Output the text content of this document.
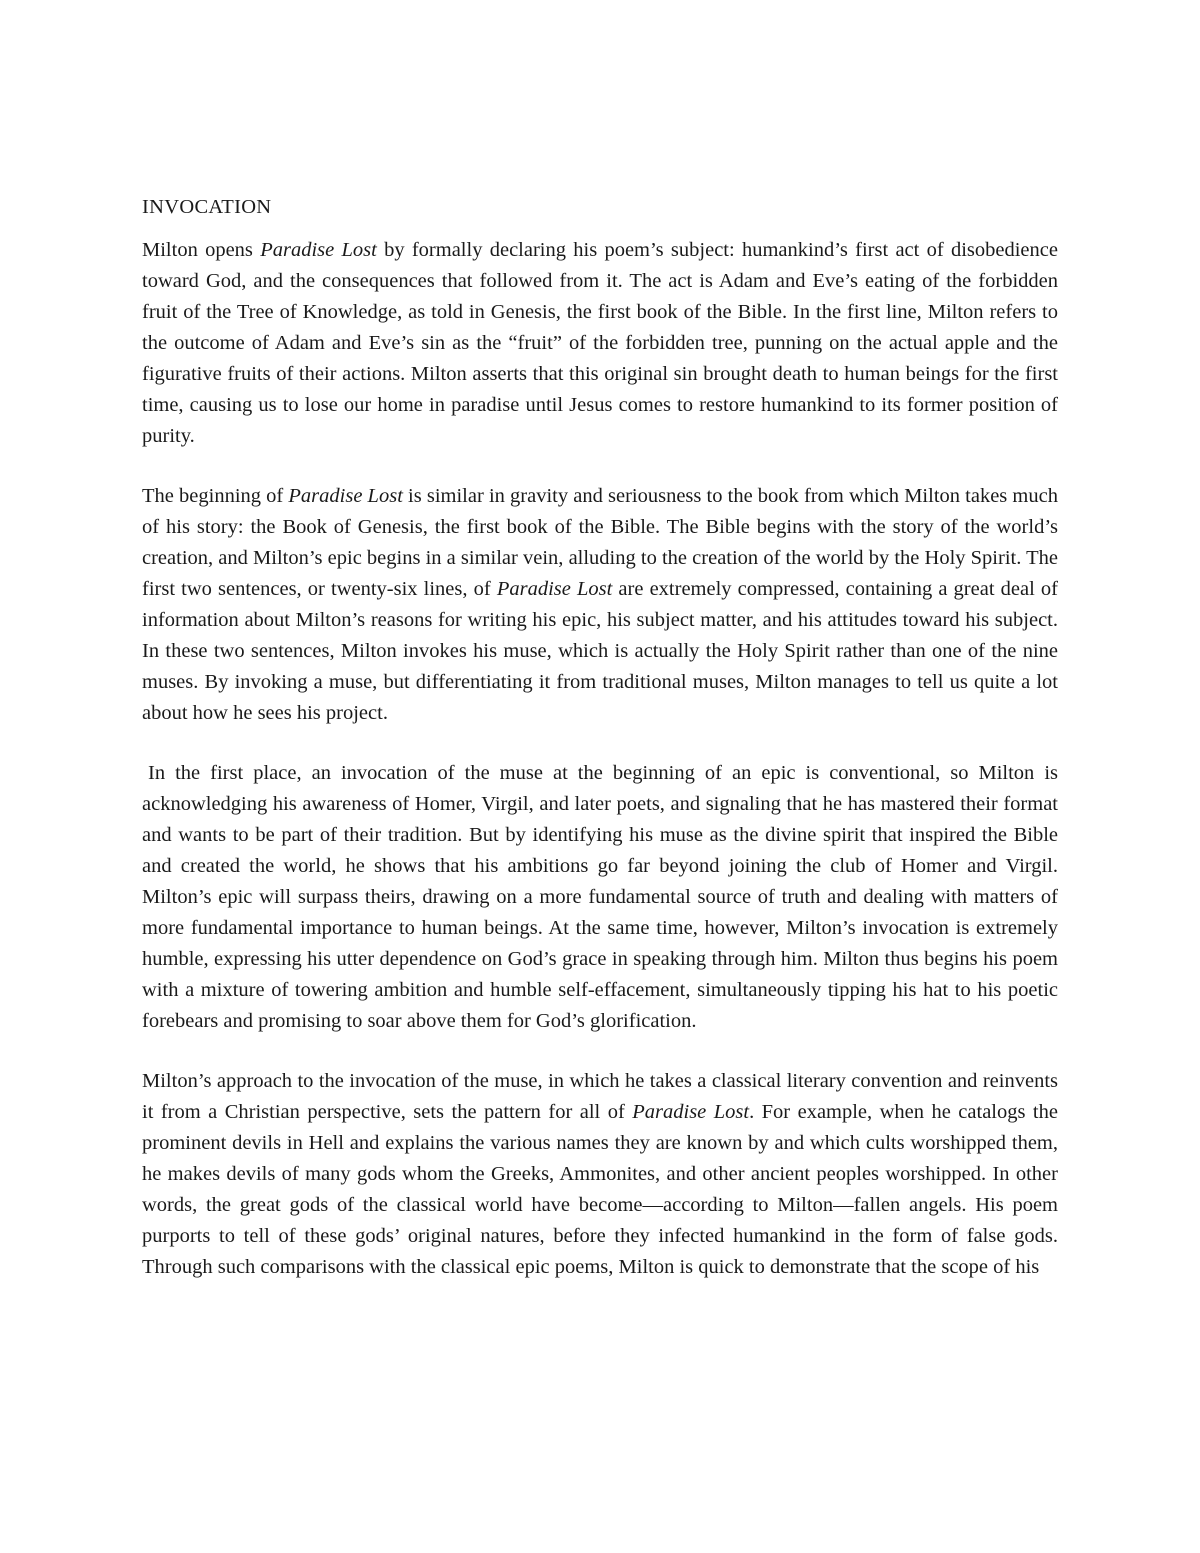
INVOCATION

Milton opens Paradise Lost by formally declaring his poem’s subject: humankind’s first act of disobedience toward God, and the consequences that followed from it. The act is Adam and Eve’s eating of the forbidden fruit of the Tree of Knowledge, as told in Genesis, the first book of the Bible. In the first line, Milton refers to the outcome of Adam and Eve’s sin as the “fruit” of the forbidden tree, punning on the actual apple and the figurative fruits of their actions. Milton asserts that this original sin brought death to human beings for the first time, causing us to lose our home in paradise until Jesus comes to restore humankind to its former position of purity.

The beginning of Paradise Lost is similar in gravity and seriousness to the book from which Milton takes much of his story: the Book of Genesis, the first book of the Bible. The Bible begins with the story of the world’s creation, and Milton’s epic begins in a similar vein, alluding to the creation of the world by the Holy Spirit. The first two sentences, or twenty-six lines, of Paradise Lost are extremely compressed, containing a great deal of information about Milton’s reasons for writing his epic, his subject matter, and his attitudes toward his subject. In these two sentences, Milton invokes his muse, which is actually the Holy Spirit rather than one of the nine muses. By invoking a muse, but differentiating it from traditional muses, Milton manages to tell us quite a lot about how he sees his project.

In the first place, an invocation of the muse at the beginning of an epic is conventional, so Milton is acknowledging his awareness of Homer, Virgil, and later poets, and signaling that he has mastered their format and wants to be part of their tradition. But by identifying his muse as the divine spirit that inspired the Bible and created the world, he shows that his ambitions go far beyond joining the club of Homer and Virgil. Milton’s epic will surpass theirs, drawing on a more fundamental source of truth and dealing with matters of more fundamental importance to human beings. At the same time, however, Milton’s invocation is extremely humble, expressing his utter dependence on God’s grace in speaking through him. Milton thus begins his poem with a mixture of towering ambition and humble self-effacement, simultaneously tipping his hat to his poetic forebears and promising to soar above them for God’s glorification.

Milton’s approach to the invocation of the muse, in which he takes a classical literary convention and reinvents it from a Christian perspective, sets the pattern for all of Paradise Lost. For example, when he catalogs the prominent devils in Hell and explains the various names they are known by and which cults worshipped them, he makes devils of many gods whom the Greeks, Ammonites, and other ancient peoples worshipped. In other words, the great gods of the classical world have become—according to Milton—fallen angels. His poem purports to tell of these gods’ original natures, before they infected humankind in the form of false gods. Through such comparisons with the classical epic poems, Milton is quick to demonstrate that the scope of his
